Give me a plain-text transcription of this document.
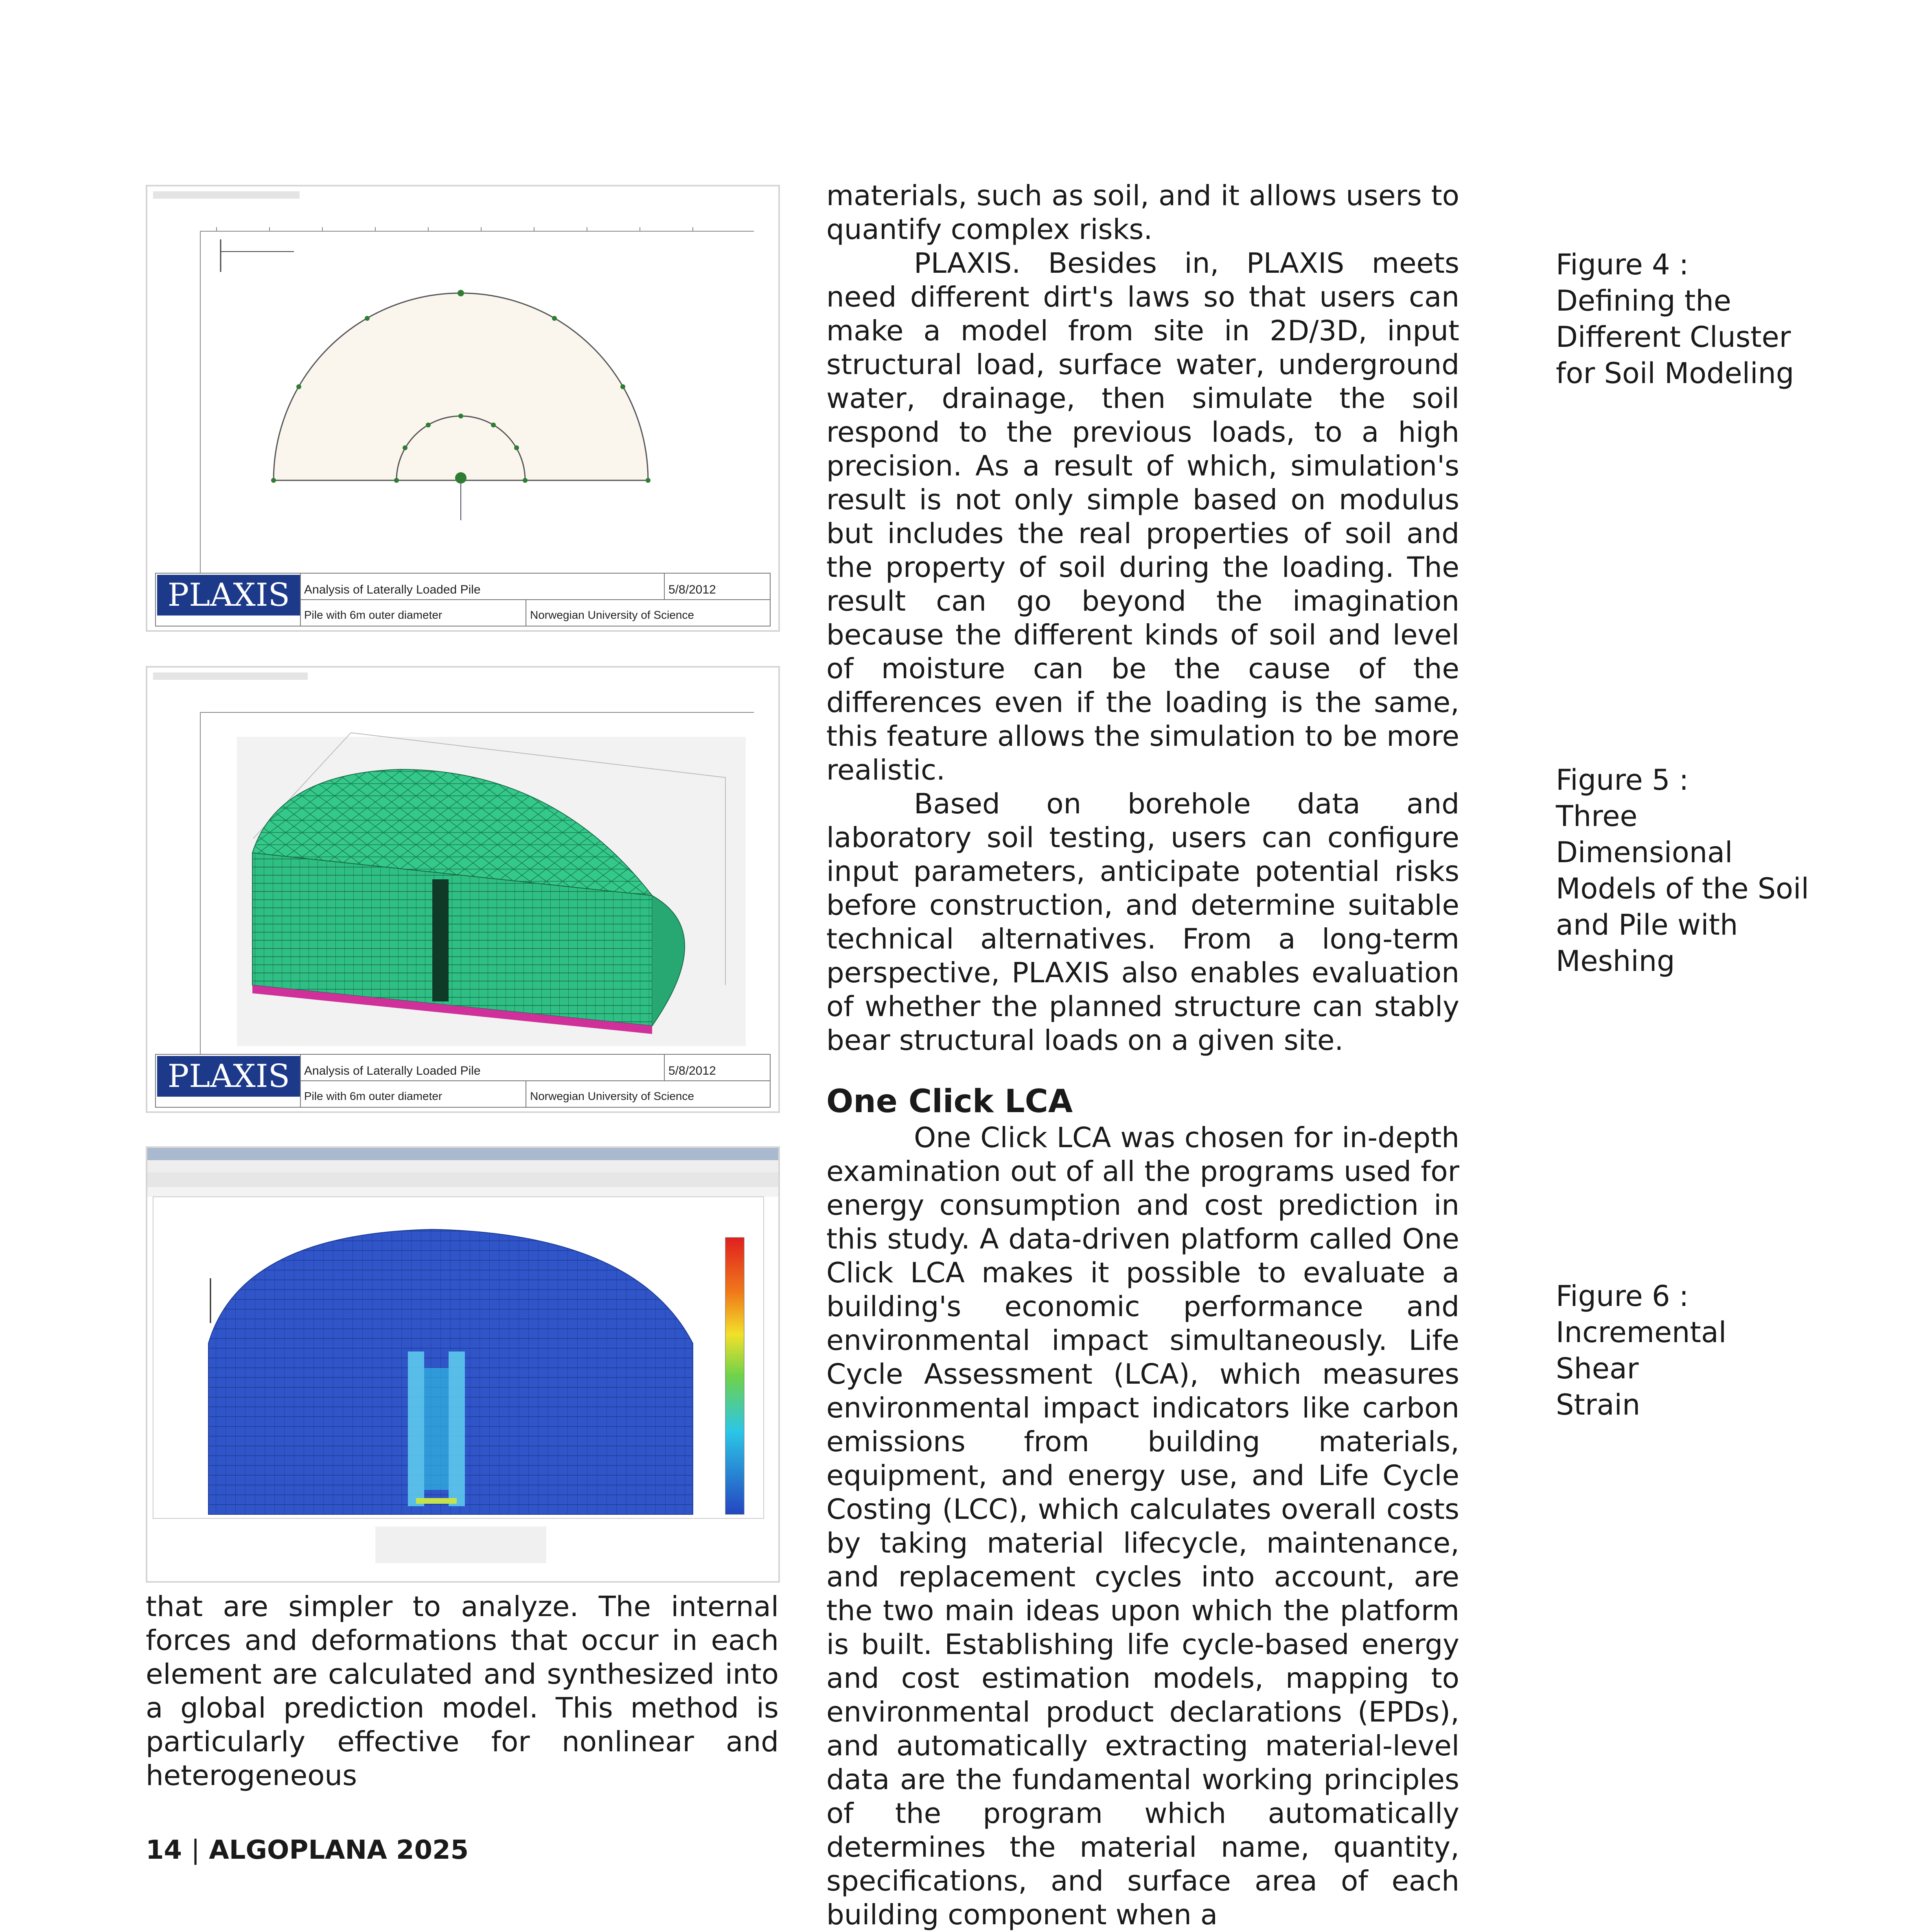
PLAXIS Analysis of Laterally Loaded Pile	5/8/2012
Pile with 6m outer diameter	Norwegian University of Science
PLAXIS Analysis of Laterally Loaded Pile	5/8/2012
Pile with 6m outer diameter	Norwegian University of Science

materials, such as soil, and it allows users to quantify complex risks.

PLAXIS. Besides in, PLAXIS meets need different dirt's laws so that users can make a model from site in 2D/3D, input structural load, surface water, underground water, drainage, then simulate the soil respond to the previous loads, to a high precision. As a result of which, simulation's result is not only simple based on modulus but includes the real properties of soil and the property of soil during the loading. The result can go beyond the imagination because the different kinds of soil and level of moisture can be the cause of the differences even if the loading is the same, this feature allows the simulation to be more realistic.

Based on borehole data and laboratory soil testing, users can configure input parameters, anticipate potential risks before construction, and determine suitable technical alternatives. From a long-term perspective, PLAXIS also enables evaluation of whether the planned structure can stably bear structural loads on a given site.

One Click LCA

One Click LCA was chosen for in-depth examination out of all the programs used for energy consumption and cost prediction in this study. A data-driven platform called One Click LCA makes it possible to evaluate a building's economic performance and environmental impact simultaneously. Life Cycle Assessment (LCA), which measures environmental impact indicators like carbon emissions from building materials, equipment, and energy use, and Life Cycle Costing (LCC), which calculates overall costs by taking material lifecycle, maintenance, and replacement cycles into account, are the two main ideas upon which the platform is built. Establishing life cycle-based energy and cost estimation models, mapping to environmental product declarations (EPDs), and automatically extracting material-level data are the fundamental working principles of the program which automatically determines the material name, quantity, specifications, and surface area of each building component when a

that are simpler to analyze. The internal forces and deformations that occur in each element are calculated and synthesized into a global prediction model. This method is particularly effective for nonlinear and heterogeneous

Figure 4 :
Defining the
Different Cluster
for Soil Modeling
Figure 5 :
Three
Dimensional
Models of the Soil
and Pile with
Meshing
Figure 6 :
Incremental Shear
Strain
14 | ALGOPLANA 2025
